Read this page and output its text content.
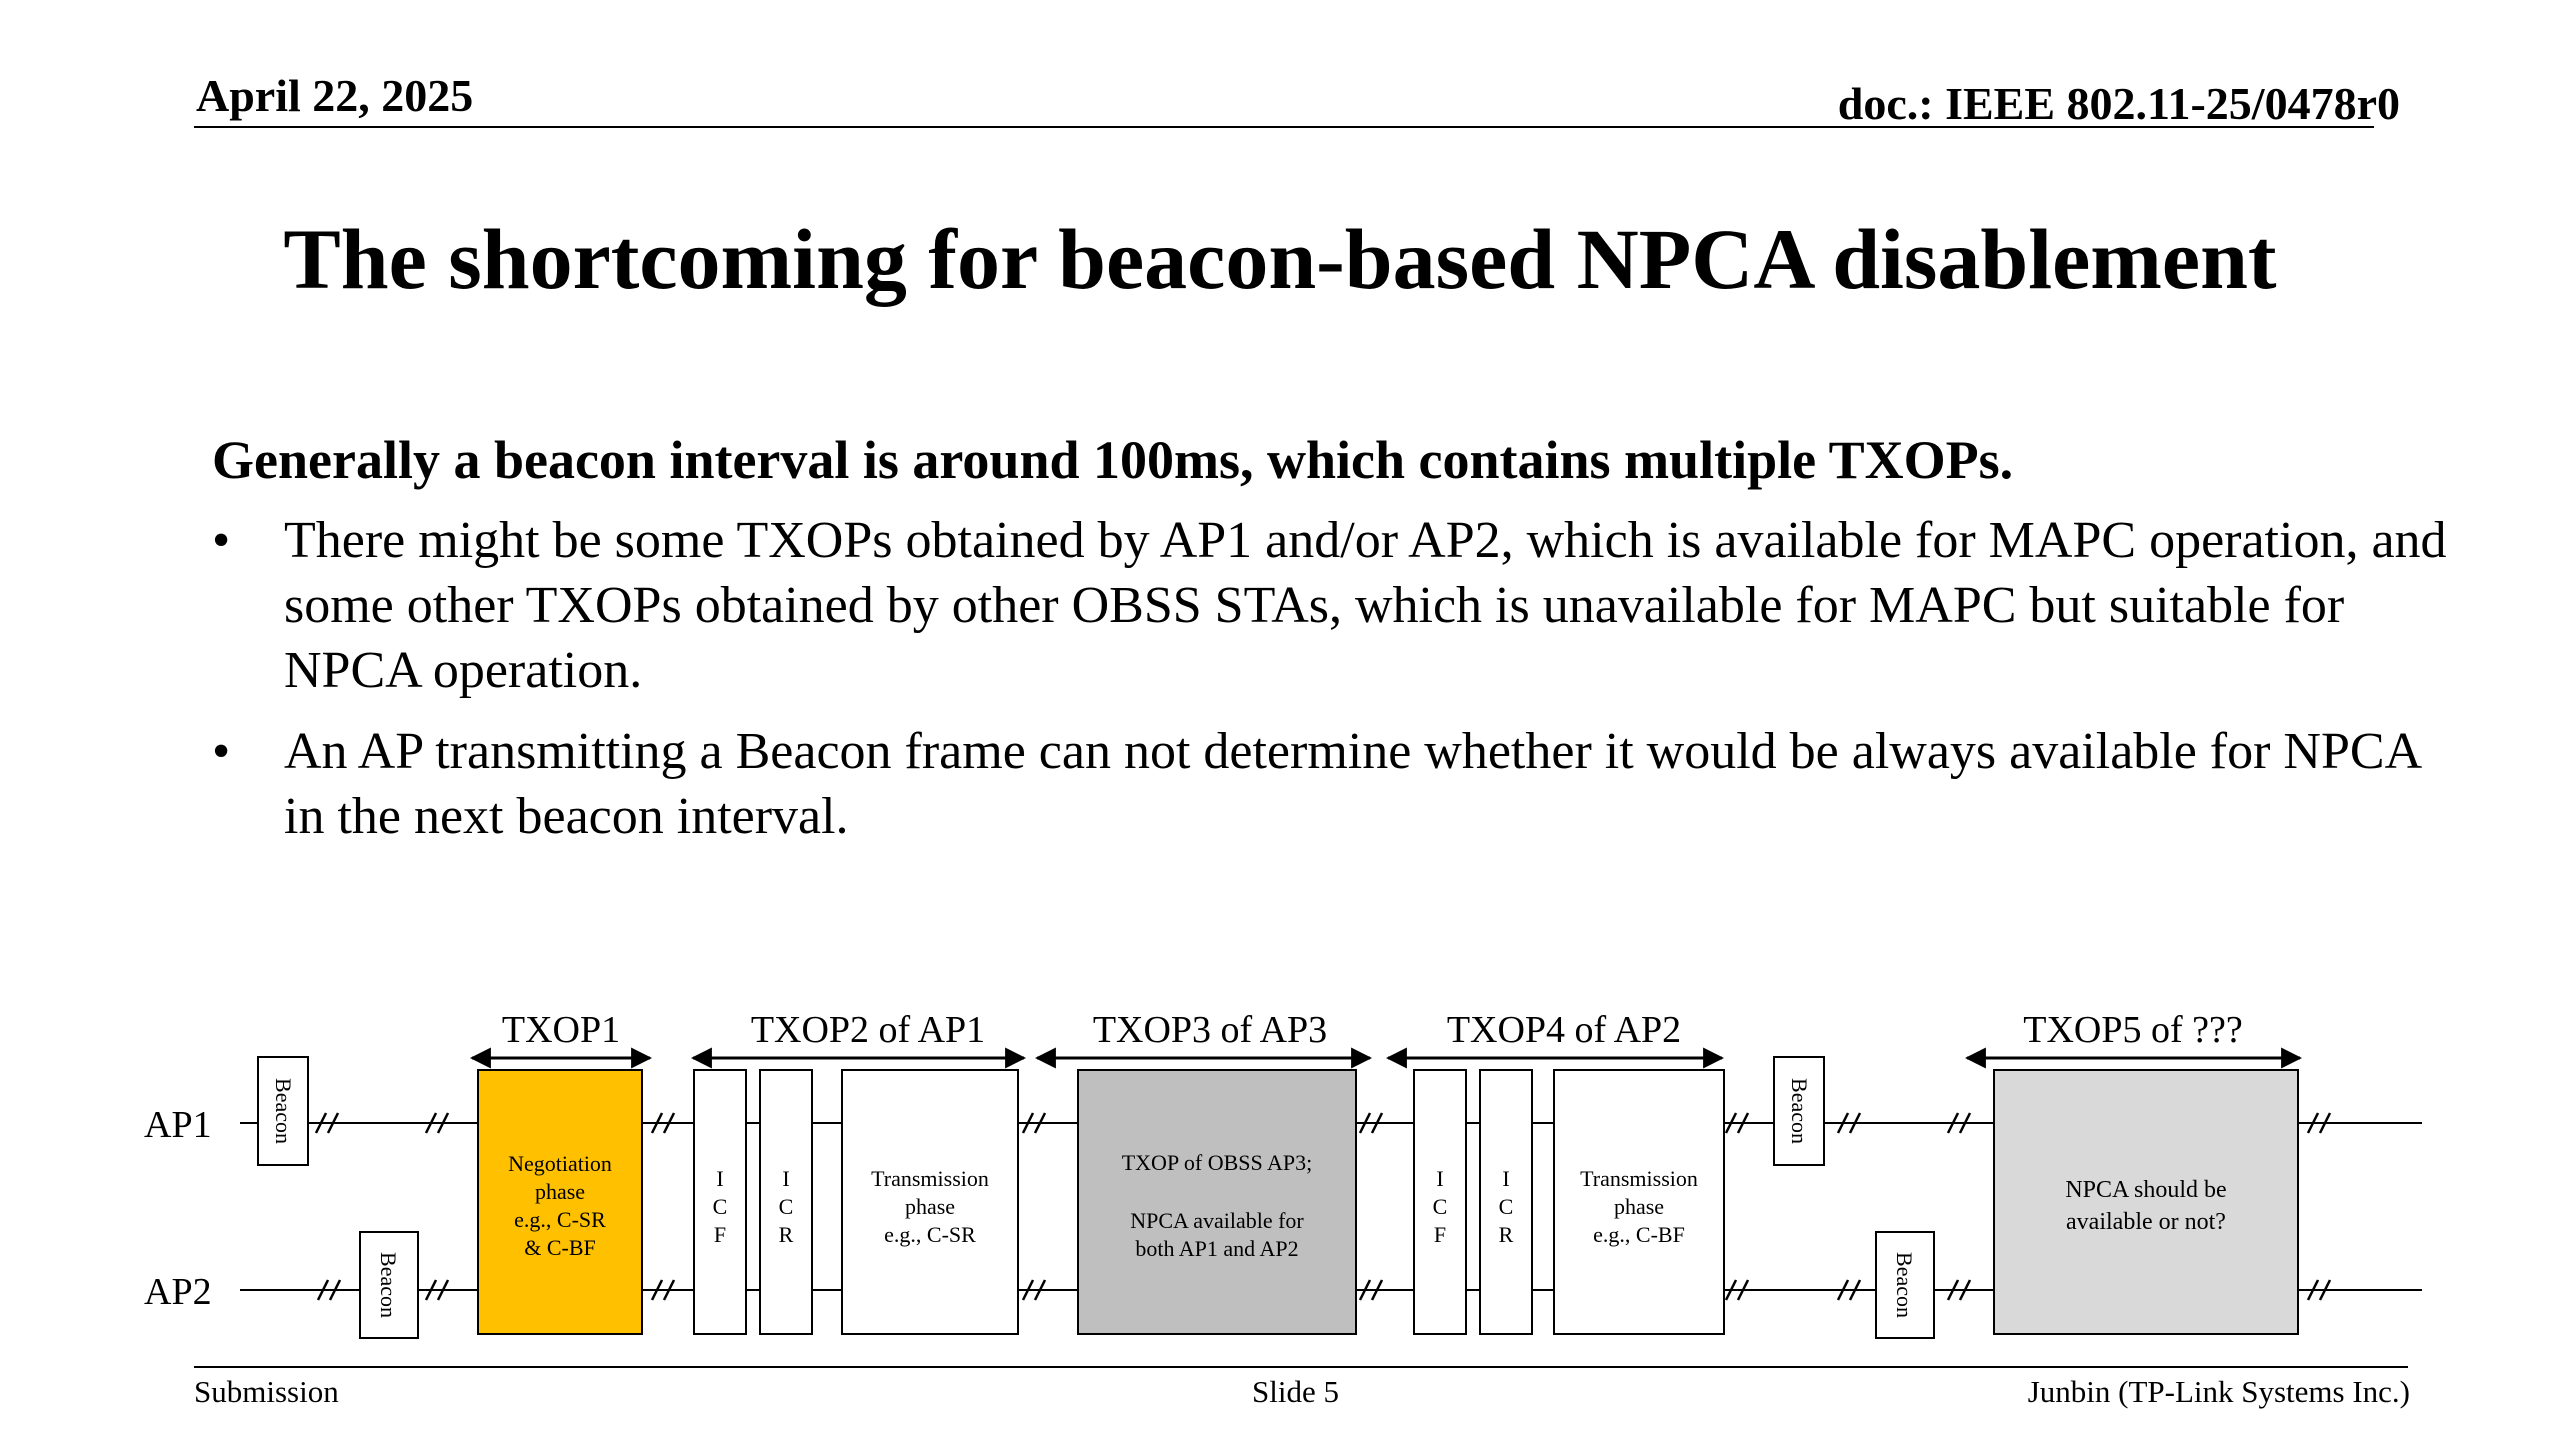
April 22, 2025	doc.: IEEE 802.11-25/0478r0
The shortcoming for beacon-based NPCA disablement
Generally a beacon interval is around 100ms, which contains multiple TXOPs.
• There might be some TXOPs obtained by AP1 and/or AP2, which is available for MAPC operation, and some other TXOPs obtained by other OBSS STAs, which is unavailable for MAPC but suitable for NPCA operation.
• An AP transmitting a Beacon frame can not determine whether it would be always available for NPCA in the next beacon interval.
AP1
AP2
TXOP1	TXOP2 of AP1	TXOP3 of AP3	TXOP4 of AP2	TXOP5 of ???
Beacon
Beacon
Beacon
Beacon
Negotiation
phase
e.g., C-SR
& C-BF
I
C
F
I
C
R
Transmission
phase
e.g., C-SR
TXOP of OBSS AP3;
NPCA available for
both AP1 and AP2
I
C
F
I
C
R
Transmission
phase
e.g., C-BF
NPCA should be
available or not?
Submission	Slide 5	Junbin (TP-Link Systems Inc.)
